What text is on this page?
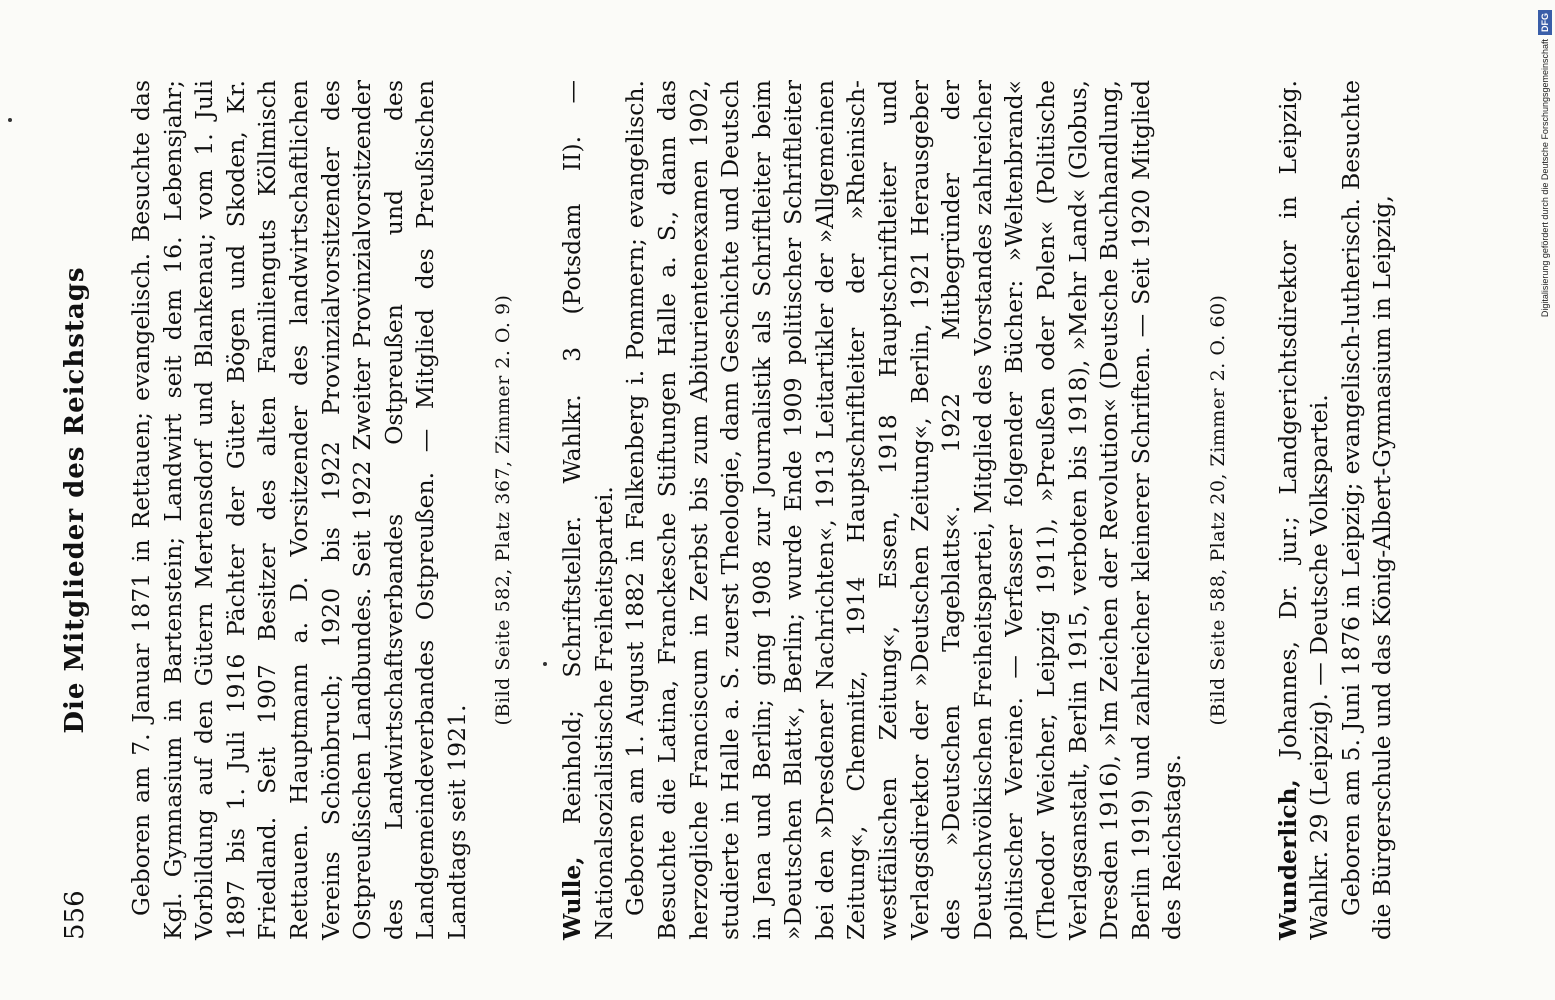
556
Die Mitglieder des Reichstags Geboren am 7. Januar 1871 in Rettauen; evangelisch. Besuchte das Kgl. Gymnasium in Bartenstein; Landwirt seit dem 16. Lebensjahr; Vorbildung auf den Gütern Mertensdorf und Blankenau; vom 1. Juli 1897 bis 1. Juli 1916 Pächter der Güter Bögen und Skoden, Kr. Friedland. Seit 1907 Besitzer des alten Familienguts Köllmisch Rettauen. Hauptmann a. D. Vorsitzender des landwirtschaftlichen Vereins Schönbruch; 1920 bis 1922 Provinzialvorsitzender des Ostpreußischen Landbundes. Seit 1922 Zweiter Provinzialvorsitzender des Landwirtschaftsverbandes Ostpreußen und des Landgemeindeverbandes Ostpreußen. — Mitglied des Preußischen Landtags seit 1921.

(Bild Seite 582, Platz 367, Zimmer 2. O. 9)

Wulle, Reinhold; Schriftsteller. Wahlkr. 3 (Potsdam II). — Nationalsozialistische Freiheitspartei. Geboren am 1. August 1882 in Falkenberg i. Pommern; evangelisch. Besuchte die Latina, Franckesche Stiftungen Halle a. S., dann das herzogliche Franciscum in Zerbst bis zum Abiturientenexamen 1902, studierte in Halle a. S. zuerst Theologie, dann Geschichte und Deutsch in Jena und Berlin; ging 1908 zur Journalistik als Schriftleiter beim »Deutschen Blatt«, Berlin; wurde Ende 1909 politischer Schriftleiter bei den »Dresdener Nachrichten«, 1913 Leitartikler der »Allgemeinen Zeitung«, Chemnitz, 1914 Hauptschriftleiter der »Rheinisch-westfälischen Zeitung«, Essen, 1918 Hauptschriftleiter und Verlagsdirektor der »Deutschen Zeitung«, Berlin, 1921 Herausgeber des »Deutschen Tageblatts«. 1922 Mitbegründer der Deutschvölkischen Freiheitspartei, Mitglied des Vorstandes zahlreicher politischer Vereine. — Verfasser folgender Bücher: »Weltenbrand« (Theodor Weicher, Leipzig 1911), »Preußen oder Polen« (Politische Verlagsanstalt, Berlin 1915, verboten bis 1918), »Mehr Land« (Globus, Dresden 1916), »Im Zeichen der Revolution« (Deutsche Buchhandlung, Berlin 1919) und zahlreicher kleinerer Schriften. — Seit 1920 Mitglied des Reichstags.

(Bild Seite 588, Platz 20, Zimmer 2. O. 60)

Wunderlich, Johannes, Dr. jur.; Landgerichtsdirektor in Leipzig. Wahlkr. 29 (Leipzig). — Deutsche Volkspartei. Geboren am 5. Juni 1876 in Leipzig; evangelisch-lutherisch. Besuchte die Bürgerschule und das König-Albert-Gymnasium in Leipzig,

Digitalisierung gefördert durch die Deutsche ForschungsgemeinschaftDFG
